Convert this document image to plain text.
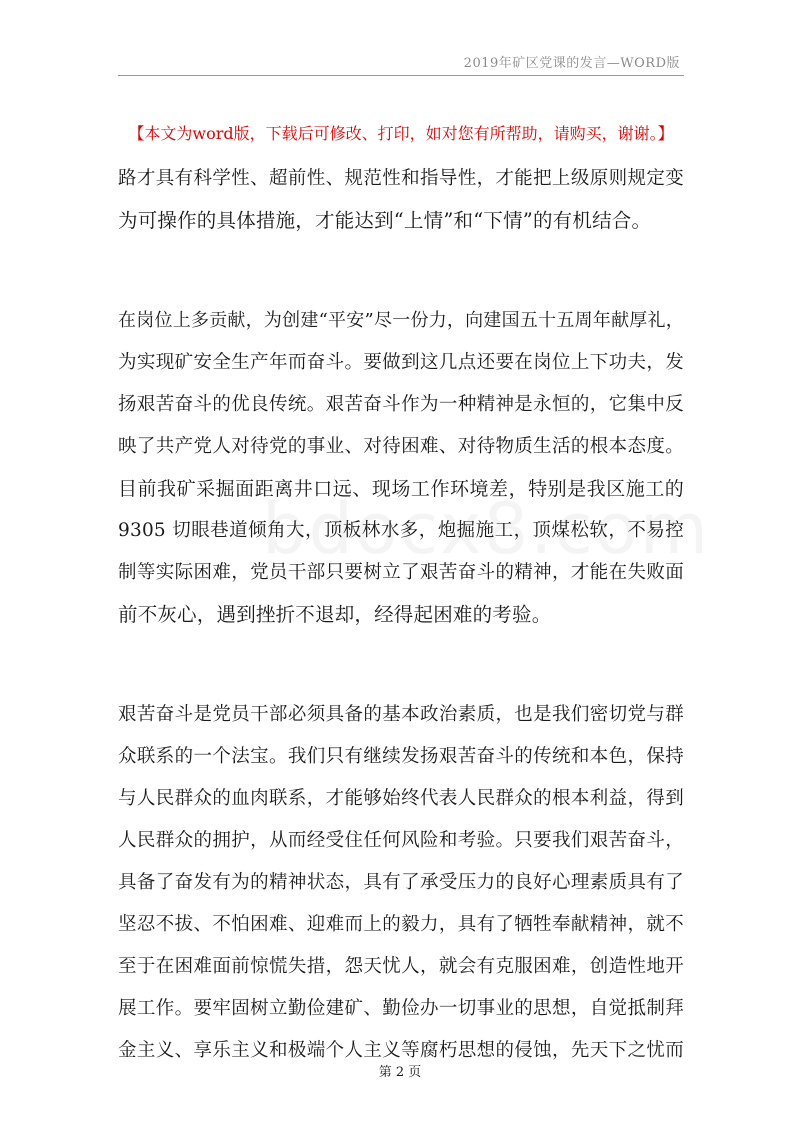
2019年矿区党课的发言—WORD版
【本文为word版，下载后可修改、打印，如对您有所帮助，请购买，谢谢。】
路才具有科学性、超前性、规范性和指导性，才能把上级原则规定变
为可操作的具体措施，才能达到“上情”和“下情”的有机结合。
在岗位上多贡献，为创建“平安”尽一份力，向建国五十五周年献厚礼，
为实现矿安全生产年而奋斗。要做到这几点还要在岗位上下功夫，发
扬艰苦奋斗的优良传统。艰苦奋斗作为一种精神是永恒的，它集中反
映了共产党人对待党的事业、对待困难、对待物质生活的根本态度。
目前我矿采掘面距离井口远、现场工作环境差，特别是我区施工的
9305 切眼巷道倾角大，顶板林水多，炮掘施工，顶煤松软，不易控
制等实际困难，党员干部只要树立了艰苦奋斗的精神，才能在失败面
前不灰心，遇到挫折不退却，经得起困难的考验。
艰苦奋斗是党员干部必须具备的基本政治素质，也是我们密切党与群
众联系的一个法宝。我们只有继续发扬艰苦奋斗的传统和本色，保持
与人民群众的血肉联系，才能够始终代表人民群众的根本利益，得到
人民群众的拥护，从而经受住任何风险和考验。只要我们艰苦奋斗，
具备了奋发有为的精神状态，具有了承受压力的良好心理素质具有了
坚忍不拔、不怕困难、迎难而上的毅力，具有了牺牲奉献精神，就不
至于在困难面前惊慌失措，怨天忧人，就会有克服困难，创造性地开
展工作。要牢固树立勤俭建矿、勤俭办一切事业的思想，自觉抵制拜
金主义、享乐主义和极端个人主义等腐朽思想的侵蚀，先天下之忧而
第 2 页
